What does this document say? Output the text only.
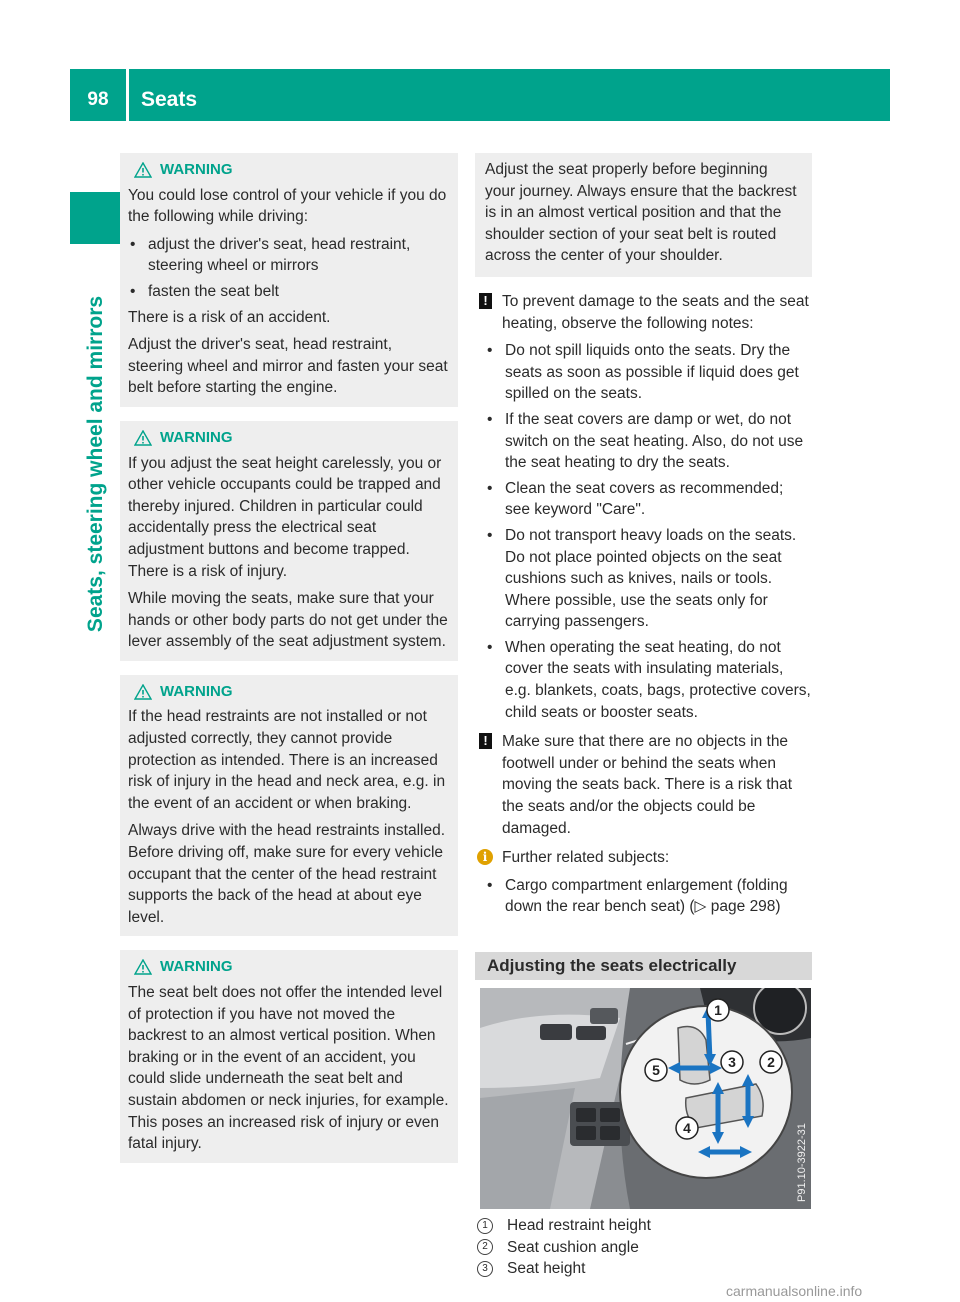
98	Seats
Seats, steering wheel and mirrors
WARNING

You could lose control of your vehicle if you do the following while driving:

• adjust the driver's seat, head restraint, steering wheel or mirrors
• fasten the seat belt

There is a risk of an accident.

Adjust the driver's seat, head restraint, steering wheel and mirror and fasten your seat belt before starting the engine.

WARNING

If you adjust the seat height carelessly, you or other vehicle occupants could be trapped and thereby injured. Children in particular could accidentally press the electrical seat adjustment buttons and become trapped. There is a risk of injury.

While moving the seats, make sure that your hands or other body parts do not get under the lever assembly of the seat adjustment system.

WARNING

If the head restraints are not installed or not adjusted correctly, they cannot provide protection as intended. There is an increased risk of injury in the head and neck area, e.g. in the event of an accident or when braking.

Always drive with the head restraints installed. Before driving off, make sure for every vehicle occupant that the center of the head restraint supports the back of the head at about eye level.

WARNING

The seat belt does not offer the intended level of protection if you have not moved the backrest to an almost vertical position. When braking or in the event of an accident, you could slide underneath the seat belt and sustain abdomen or neck injuries, for example. This poses an increased risk of injury or even fatal injury.

Adjust the seat properly before beginning your journey. Always ensure that the backrest is in an almost vertical position and that the shoulder section of your seat belt is routed across the center of your shoulder.

! To prevent damage to the seats and the seat heating, observe the following notes:
• Do not spill liquids onto the seats. Dry the seats as soon as possible if liquid does get spilled on the seats.
• If the seat covers are damp or wet, do not switch on the seat heating. Also, do not use the seat heating to dry the seats.
• Clean the seat covers as recommended; see keyword "Care".
• Do not transport heavy loads on the seats. Do not place pointed objects on the seat cushions such as knives, nails or tools. Where possible, use the seats only for carrying passengers.
• When operating the seat heating, do not cover the seats with insulating materials, e.g. blankets, coats, bags, protective covers, child seats or booster seats.
! Make sure that there are no objects in the footwell under or behind the seats when moving the seats back. There is a risk that the seats and/or the objects could be damaged.
i Further related subjects:
• Cargo compartment enlargement (folding down the rear bench seat) (▷ page 298)
Adjusting the seats electrically
1
2
3
4
5
P91.10-3922-31
1	Head restraint height
2	Seat cushion angle
3	Seat height
carmanualsonline.info
